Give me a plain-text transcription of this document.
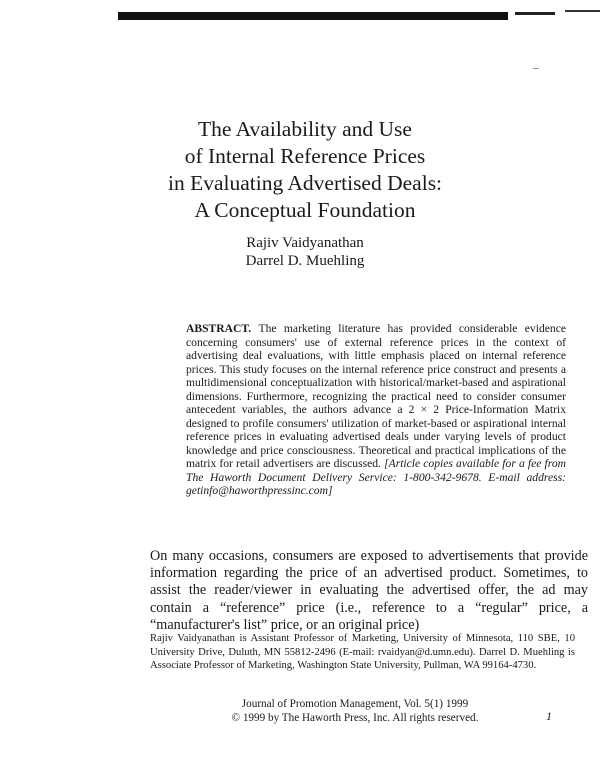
–
The Availability and Use
of Internal Reference Prices
in Evaluating Advertised Deals:
A Conceptual Foundation
Rajiv Vaidyanathan
Darrel D. Muehling
ABSTRACT. The marketing literature has provided considerable evidence concerning consumers' use of external reference prices in the context of advertising deal evaluations, with little emphasis placed on internal reference prices. This study focuses on the internal reference price construct and presents a multidimensional conceptualization with historical/market-based and aspirational dimensions. Furthermore, recognizing the practical need to consider consumer antecedent variables, the authors advance a 2 × 2 Price-Information Matrix designed to profile consumers' utilization of market-based or aspirational internal reference prices in evaluating advertised deals under varying levels of product knowledge and price consciousness. Theoretical and practical implications of the matrix for retail advertisers are discussed. [Article copies available for a fee from The Haworth Document Delivery Service: 1-800-342-9678. E-mail address: getinfo@haworthpressinc.com]
On many occasions, consumers are exposed to advertisements that provide information regarding the price of an advertised product. Sometimes, to assist the reader/viewer in evaluating the advertised offer, the ad may contain a “reference” price (i.e., reference to a “regular” price, a “manufacturer's list” price, or an original price)
Rajiv Vaidyanathan is Assistant Professor of Marketing, University of Minnesota, 110 SBE, 10 University Drive, Duluth, MN 55812-2496 (E-mail: rvaidyan@d.umn.edu). Darrel D. Muehling is Associate Professor of Marketing, Washington State University, Pullman, WA 99164-4730.
Journal of Promotion Management, Vol. 5(1) 1999
© 1999 by The Haworth Press, Inc. All rights reserved.	1
